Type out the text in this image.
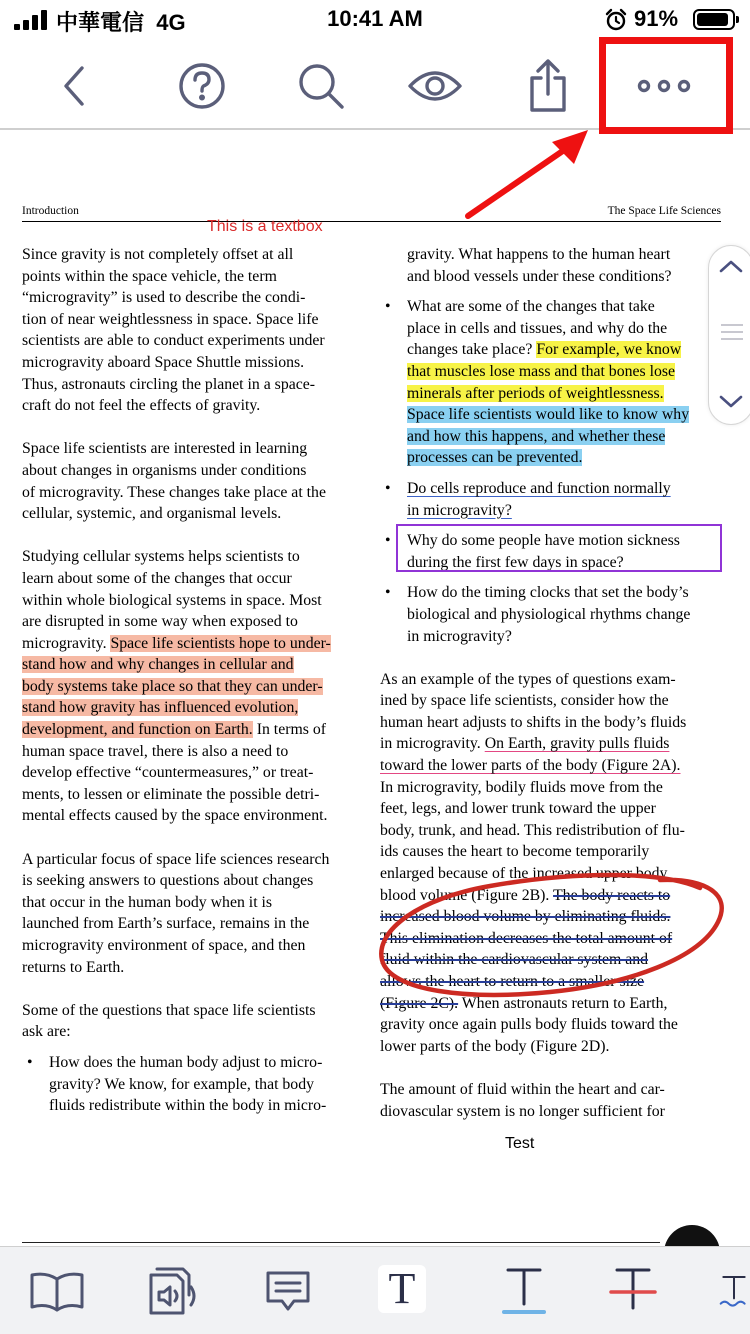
中華電信 4G	10:41 AM	91%
Introduction	The Space Life Sciences
This is a textbox
Since gravity is not completely offset at all
points within the space vehicle, the term
“microgravity” is used to describe the condi-
tion of near weightlessness in space. Space life
scientists are able to conduct experiments under
microgravity aboard Space Shuttle missions.
Thus, astronauts circling the planet in a space-
craft do not feel the effects of gravity.
Space life scientists are interested in learning
about changes in organisms under conditions
of microgravity. These changes take place at the
cellular, systemic, and organismal levels.
Studying cellular systems helps scientists to
learn about some of the changes that occur
within whole biological systems in space. Most
are disrupted in some way when exposed to
microgravity. Space life scientists hope to under-
stand how and why changes in cellular and
body systems take place so that they can under-
stand how gravity has influenced evolution,
development, and function on Earth. In terms of
human space travel, there is also a need to
develop effective “countermeasures,” or treat-
ments, to lessen or eliminate the possible detri-
mental effects caused by the space environment.
A particular focus of space life sciences research
is seeking answers to questions about changes
that occur in the human body when it is
launched from Earth’s surface, remains in the
microgravity environment of space, and then
returns to Earth.
Some of the questions that space life scientists
ask are:
• How does the human body adjust to micro-
gravity? We know, for example, that body
fluids redistribute within the body in micro-
gravity. What happens to the human heart
and blood vessels under these conditions?
• What are some of the changes that take
place in cells and tissues, and why do the
changes take place? For example, we know
that muscles lose mass and that bones lose
minerals after periods of weightlessness.
Space life scientists would like to know why
and how this happens, and whether these
processes can be prevented.
• Do cells reproduce and function normally
in microgravity?
• Why do some people have motion sickness
during the first few days in space?
• How do the timing clocks that set the body’s
biological and physiological rhythms change
in microgravity?
As an example of the types of questions exam-
ined by space life scientists, consider how the
human heart adjusts to shifts in the body’s fluids
in microgravity. On Earth, gravity pulls fluids
toward the lower parts of the body (Figure 2A).
In microgravity, bodily fluids move from the
feet, legs, and lower trunk toward the upper
body, trunk, and head. This redistribution of flu-
ids causes the heart to become temporarily
enlarged because of the increased upper body
blood volume (Figure 2B). The body reacts to
increased blood volume by eliminating fluids.
This elimination decreases the total amount of
fluid within the cardiovascular system and
allows the heart to return to a smaller size
(Figure 2C). When astronauts return to Earth,
gravity once again pulls body fluids toward the
lower parts of the body (Figure 2D).
The amount of fluid within the heart and car-
diovascular system is no longer sufficient for
Test
T
